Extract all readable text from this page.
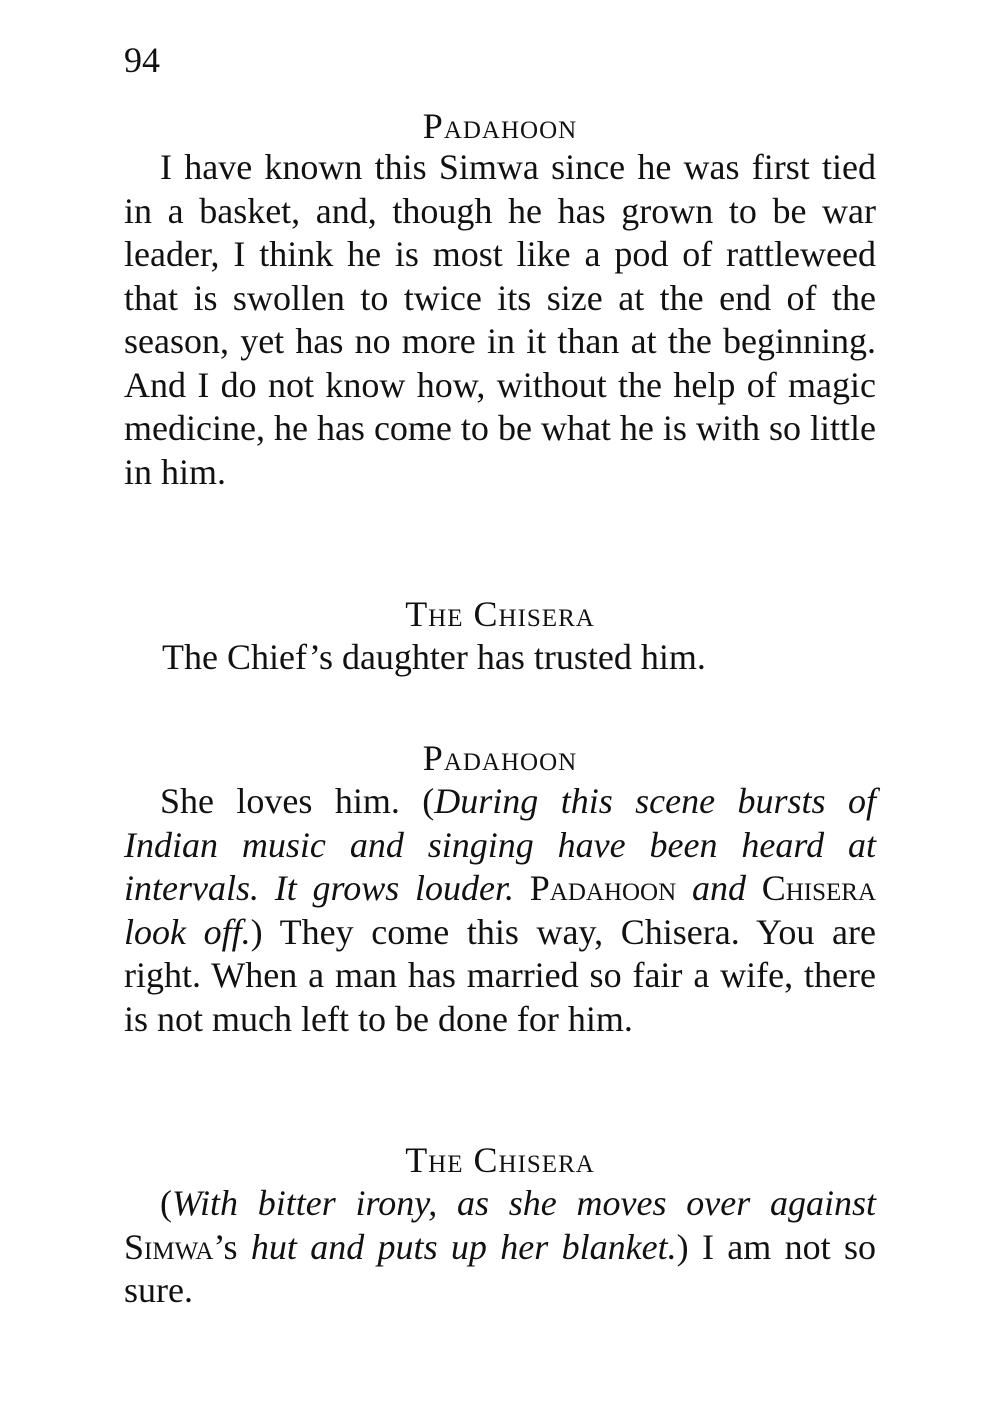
94
Padahoon
I have known this Simwa since he was first tied in a basket, and, though he has grown to be war leader, I think he is most like a pod of rattleweed that is swollen to twice its size at the end of the season, yet has no more in it than at the beginning. And I do not know how, without the help of magic medicine, he has come to be what he is with so little in him.
The Chisera
The Chief’s daughter has trusted him.
Padahoon
She loves him. (During this scene bursts of Indian music and singing have been heard at intervals. It grows louder. Padahoon and Chisera look off.) They come this way, Chisera. You are right. When a man has married so fair a wife, there is not much left to be done for him.
The Chisera
(With bitter irony, as she moves over against Simwa’s hut and puts up her blanket.) I am not so sure.
